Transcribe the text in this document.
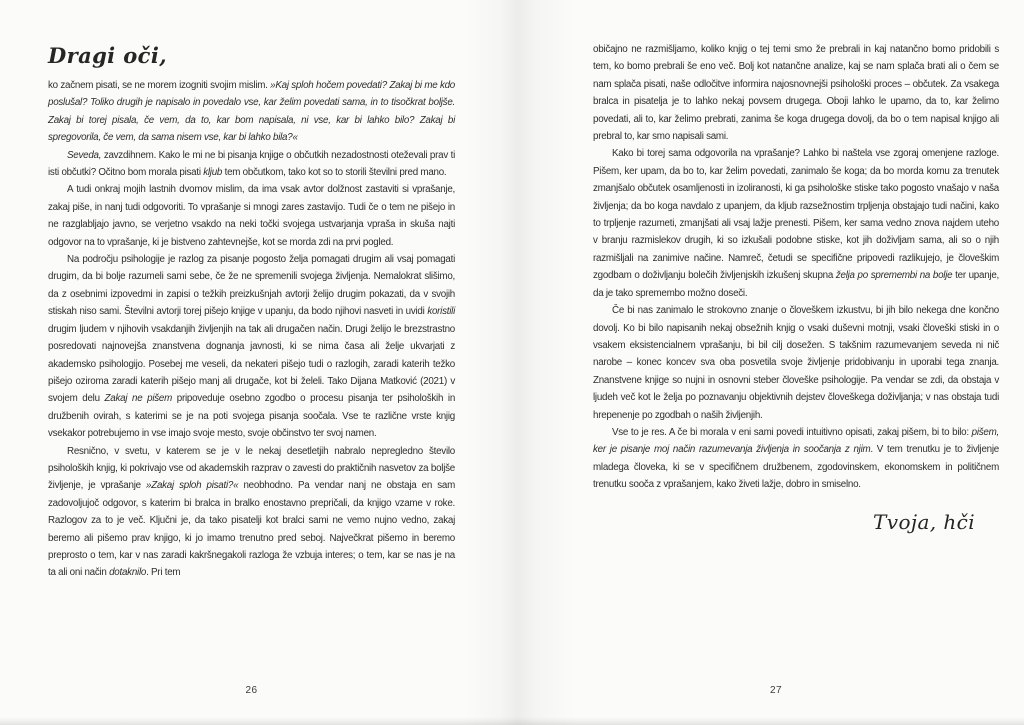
Dragi oči,

ko začnem pisati, se ne morem izogniti svojim mislim. »Kaj sploh hočem povedati? Zakaj bi me kdo poslušal? Toliko drugih je napisalo in povedalo vse, kar želim povedati sama, in to tisočkrat boljše. Zakaj bi torej pisala, če vem, da to, kar bom napisala, ni vse, kar bi lahko bilo? Zakaj bi spregovorila, če vem, da sama nisem vse, kar bi lahko bila?«

Seveda, zavzdihnem. Kako le mi ne bi pisanja knjige o občutkih nezadostnosti oteževali prav ti isti občutki? Očitno bom morala pisati kljub tem občutkom, tako kot so to storili številni pred mano.

A tudi onkraj mojih lastnih dvomov mislim, da ima vsak avtor dolžnost zastaviti si vprašanje, zakaj piše, in nanj tudi odgovoriti. To vprašanje si mnogi zares zastavijo. Tudi če o tem ne pišejo in ne razglabljajo javno, se verjetno vsakdo na neki točki svojega ustvarjanja vpraša in skuša najti odgovor na to vprašanje, ki je bistveno zahtevnejše, kot se morda zdi na prvi pogled.

Na področju psihologije je razlog za pisanje pogosto želja pomagati drugim ali vsaj pomagati drugim, da bi bolje razumeli sami sebe, če že ne spremenili svojega življenja. Nemalokrat slišimo, da z osebnimi izpovedmi in zapisi o težkih preizkušnjah avtorji želijo drugim pokazati, da v svojih stiskah niso sami. Številni avtorji torej pišejo knjige v upanju, da bodo njihovi nasveti in uvidi koristili drugim ljudem v njihovih vsakdanjih življenjih na tak ali drugačen način. Drugi želijo le brezstrastno posredovati najnovejša znanstvena dognanja javnosti, ki se nima časa ali želje ukvarjati z akademsko psihologijo. Posebej me veseli, da nekateri pišejo tudi o razlogih, zaradi katerih težko pišejo oziroma zaradi katerih pišejo manj ali drugače, kot bi želeli. Tako Dijana Matković (2021) v svojem delu Zakaj ne pišem pripoveduje osebno zgodbo o procesu pisanja ter psiholoških in družbenih ovirah, s katerimi se je na poti svojega pisanja soočala. Vse te različne vrste knjig vsekakor potrebujemo in vse imajo svoje mesto, svoje občinstvo ter svoj namen.

Resnično, v svetu, v katerem se je v le nekaj desetletjih nabralo nepregledno število psiholoških knjig, ki pokrivajo vse od akademskih razprav o zavesti do praktičnih nasvetov za boljše življenje, je vprašanje »Zakaj sploh pisati?« neobhodno. Pa vendar nanj ne obstaja en sam zadovoljujoč odgovor, s katerim bi bralca in bralko enostavno prepričali, da knjigo vzame v roke. Razlogov za to je več. Ključni je, da tako pisatelji kot bralci sami ne vemo nujno vedno, zakaj beremo ali pišemo prav knjigo, ki jo imamo trenutno pred seboj. Največkrat pišemo in beremo preprosto o tem, kar v nas zaradi kakršnegakoli razloga že vzbuja interes; o tem, kar se nas je na ta ali oni način dotaknilo. Pri tem

običajno ne razmišljamo, koliko knjig o tej temi smo že prebrali in kaj natančno bomo pridobili s tem, ko bomo prebrali še eno več. Bolj kot natančne analize, kaj se nam splača brati ali o čem se nam splača pisati, naše odločitve informira najosnovnejši psihološki proces – občutek. Za vsakega bralca in pisatelja je to lahko nekaj povsem drugega. Oboji lahko le upamo, da to, kar želimo povedati, ali to, kar želimo prebrati, zanima še koga drugega dovolj, da bo o tem napisal knjigo ali prebral to, kar smo napisali sami.

Kako bi torej sama odgovorila na vprašanje? Lahko bi naštela vse zgoraj omenjene razloge. Pišem, ker upam, da bo to, kar želim povedati, zanimalo še koga; da bo morda komu za trenutek zmanjšalo občutek osamljenosti in izoliranosti, ki ga psihološke stiske tako pogosto vnašajo v naša življenja; da bo koga navdalo z upanjem, da kljub razsežnostim trpljenja obstajajo tudi načini, kako to trpljenje razumeti, zmanjšati ali vsaj lažje prenesti. Pišem, ker sama vedno znova najdem uteho v branju razmislekov drugih, ki so izkušali podobne stiske, kot jih doživljam sama, ali so o njih razmišljali na zanimive načine. Namreč, četudi se specifične pripovedi razlikujejo, je človeškim zgodbam o doživljanju bolečih življenjskih izkušenj skupna želja po spremembi na bolje ter upanje, da je tako spremembo možno doseči.

Če bi nas zanimalo le strokovno znanje o človeškem izkustvu, bi jih bilo nekega dne končno dovolj. Ko bi bilo napisanih nekaj obsežnih knjig o vsaki duševni motnji, vsaki človeški stiski in o vsakem eksistencialnem vprašanju, bi bil cilj dosežen. S takšnim razumevanjem seveda ni nič narobe – konec koncev sva oba posvetila svoje življenje pridobivanju in uporabi tega znanja. Znanstvene knjige so nujni in osnovni steber človeške psihologije. Pa vendar se zdi, da obstaja v ljudeh več kot le želja po poznavanju objektivnih dejstev človeškega doživljanja; v nas obstaja tudi hrepenenje po zgodbah o naših življenjih.

Vse to je res. A če bi morala v eni sami povedi intuitivno opisati, zakaj pišem, bi to bilo: pišem, ker je pisanje moj način razumevanja življenja in soočanja z njim. V tem trenutku je to življenje mladega človeka, ki se v specifičnem družbenem, zgodovinskem, ekonomskem in političnem trenutku sooča z vprašanjem, kako živeti lažje, dobro in smiselno.

Tvoja, hči
26	27
